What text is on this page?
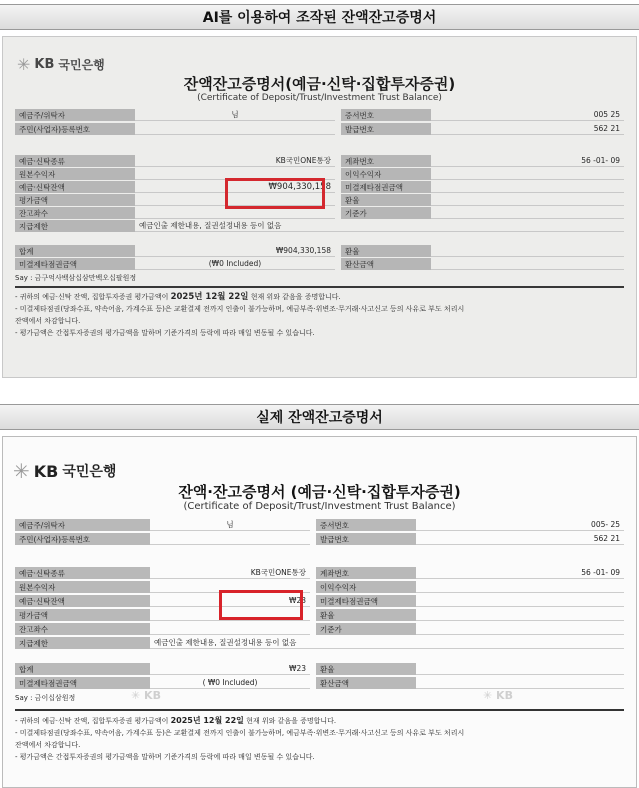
AI를 이용하여 조작된 잔액잔고증명서
✳ KB 국민은행
잔액잔고증명서(예금·신탁·집합투자증권)
(Certificate of Deposit/Trust/Investment Trust Balance)
예금주/위탁자	님	증서번호	005 25
주민(사업자)등록번호	발급번호	562 21
예금·신탁종류	KB국민ONE통장	계좌번호	56 -01- 09
원본수익자	이익수익자
예금·신탁잔액	₩904,330,158	미결제타점권금액
평가금액	환율
잔고좌수	기준가
지급제한	예금인출 제한내용, 질권설정내용 등이 없음
합계	₩904,330,158	환율
미결제타점권금액	(₩0 Included)	환산금액
Say : 금구억사백삼십삼만백오십팔원정
- 귀하의 예금·신탁 잔액, 집합투자증권 평가금액이 2025년 12월 22일 현재 위와 같음을 증명합니다.
- 미결제타점권(당좌수표, 약속어음, 가계수표 등)은 교환결제 전까지 인출이 불가능하며, 예금부족·위변조·무거래·사고신고 등의 사유로 부도 처리시
잔액에서 차감합니다.
- 평가금액은 간접투자증권의 평가금액을 말하며 기준가격의 등락에 따라 매일 변동될 수 있습니다.
실제 잔액잔고증명서
✳ KB 국민은행
잔액·잔고증명서 (예금·신탁·집합투자증권)
(Certificate of Deposit/Trust/Investment Trust Balance)
예금주/위탁자	님	증서번호	005- 25
주민(사업자)등록번호	발급번호	562 21
예금·신탁종류	KB국민ONE통장	계좌번호	56 -01- 09
원본수익자	이익수익자
예금·신탁잔액	₩23	미결제타점권금액
평가금액	환율
잔고좌수	기준가
지급제한	예금인출 제한내용, 질권설정내용 등이 없음
합계	₩23	환율
미결제타점권금액	( ₩0 Included)	환산금액
Say : 금이십삼원정	✳ KB	✳ KB
- 귀하의 예금·신탁 잔액, 집합투자증권 평가금액이 2025년 12월 22일 현재 위와 같음을 증명합니다.
- 미결제타점권(당좌수표, 약속어음, 가계수표 등)은 교환결제 전까지 인출이 불가능하며, 예금부족·위변조·무거래·사고신고 등의 사유로 부도 처리시
잔액에서 차감합니다.
- 평가금액은 간접투자증권의 평가금액을 말하며 기준가격의 등락에 따라 매일 변동될 수 있습니다.
